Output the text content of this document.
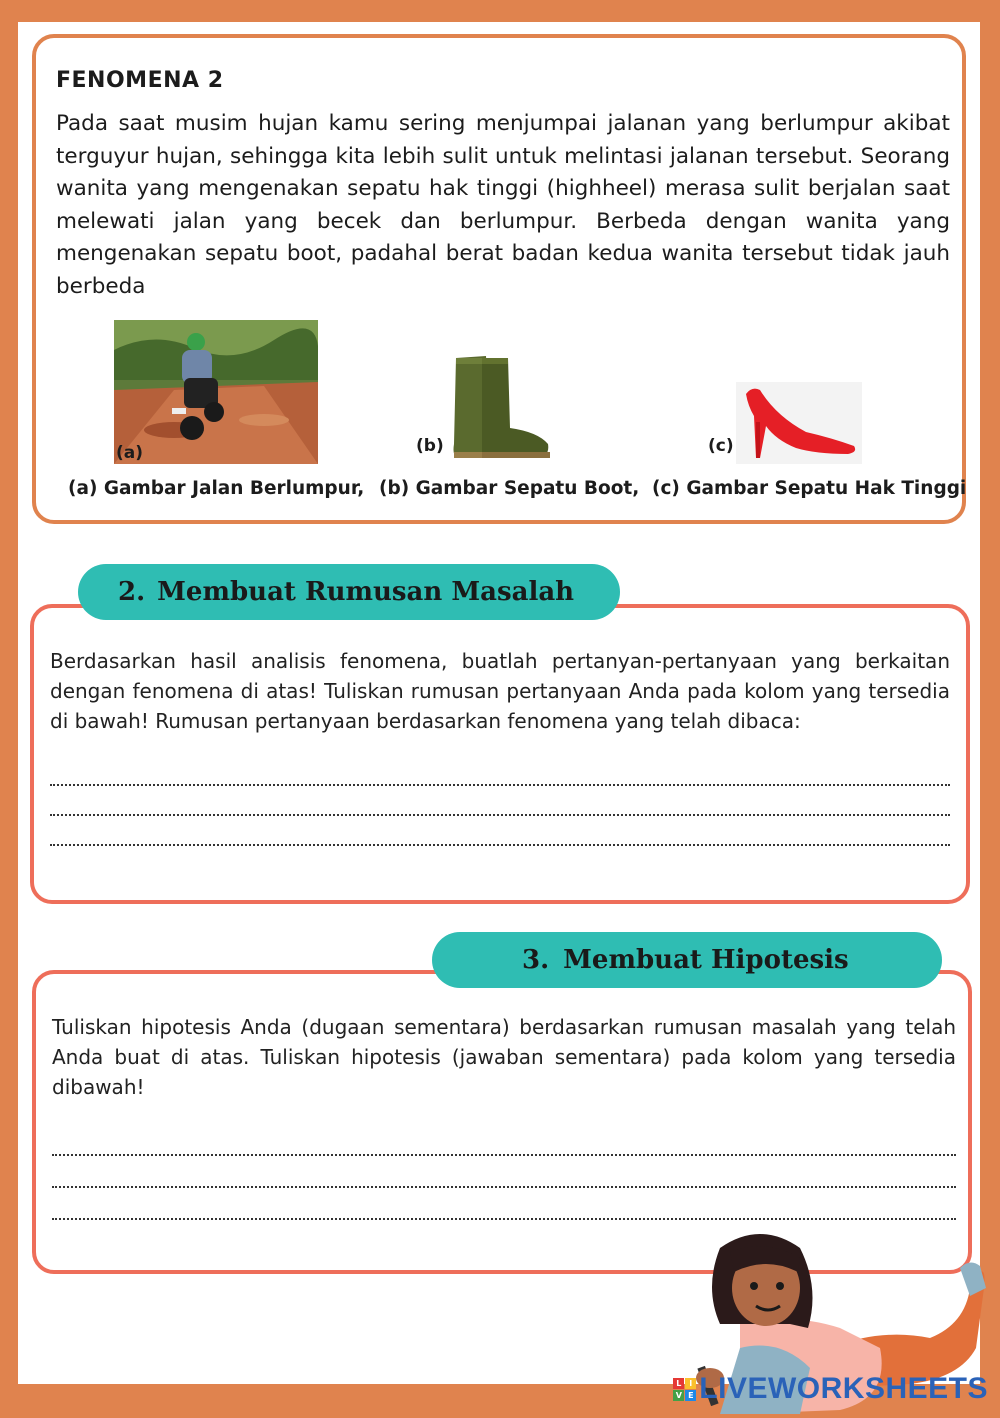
FENOMENA 2
Pada saat musim hujan kamu sering menjumpai jalanan yang berlumpur akibat terguyur hujan, sehingga kita lebih sulit untuk melintasi jalanan tersebut. Seorang wanita yang mengenakan sepatu hak tinggi (highheel) merasa sulit berjalan saat melewati jalan yang becek dan berlumpur. Berbeda dengan wanita yang mengenakan sepatu boot, padahal berat badan kedua wanita tersebut tidak jauh berbeda
(a)	(b)	(c)
(a) Gambar Jalan Berlumpur, (b) Gambar Sepatu Boot, (c) Gambar Sepatu Hak Tinggi
Berdasarkan hasil analisis fenomena, buatlah pertanyan-pertanyaan yang berkaitan dengan fenomena di atas! Tuliskan rumusan pertanyaan Anda pada kolom yang tersedia di bawah! Rumusan pertanyaan berdasarkan fenomena yang telah dibaca:
2. Membuat Rumusan Masalah
Tuliskan hipotesis Anda (dugaan sementara) berdasarkan rumusan masalah yang telah Anda buat di atas. Tuliskan hipotesis (jawaban sementara) pada kolom yang tersedia dibawah!
3. Membuat Hipotesis
L I
V E LIVEWORKSHEETS
